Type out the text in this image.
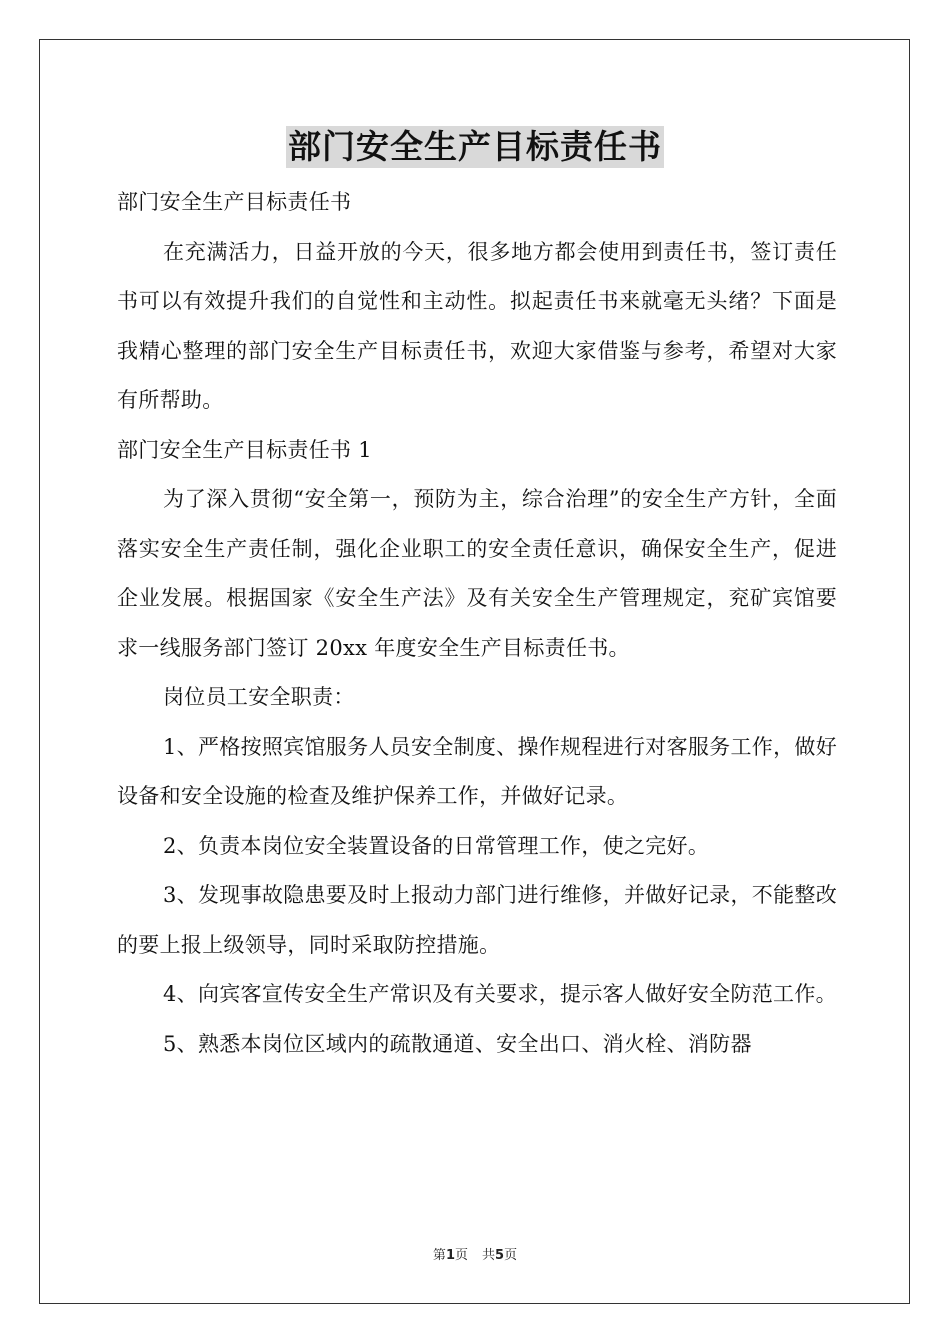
部门安全生产目标责任书

部门安全生产目标责任书

在充满活力，日益开放的今天，很多地方都会使用到责任书，签订责任书可以有效提升我们的自觉性和主动性。拟起责任书来就毫无头绪？下面是我精心整理的部门安全生产目标责任书，欢迎大家借鉴与参考，希望对大家有所帮助。

部门安全生产目标责任书 1

为了深入贯彻“安全第一，预防为主，综合治理”的安全生产方针，全面落实安全生产责任制，强化企业职工的安全责任意识，确保安全生产，促进企业发展。根据国家《安全生产法》及有关安全生产管理规定，兖矿宾馆要求一线服务部门签订 20xx 年度安全生产目标责任书。

岗位员工安全职责：

1、严格按照宾馆服务人员安全制度、操作规程进行对客服务工作，做好设备和安全设施的检查及维护保养工作，并做好记录。

2、负责本岗位安全装置设备的日常管理工作，使之完好。

3、发现事故隐患要及时上报动力部门进行维修，并做好记录，不能整改的要上报上级领导，同时采取防控措施。

4、向宾客宣传安全生产常识及有关要求，提示客人做好安全防范工作。

5、熟悉本岗位区域内的疏散通道、安全出口、消火栓、消防器

第1页 共5页
